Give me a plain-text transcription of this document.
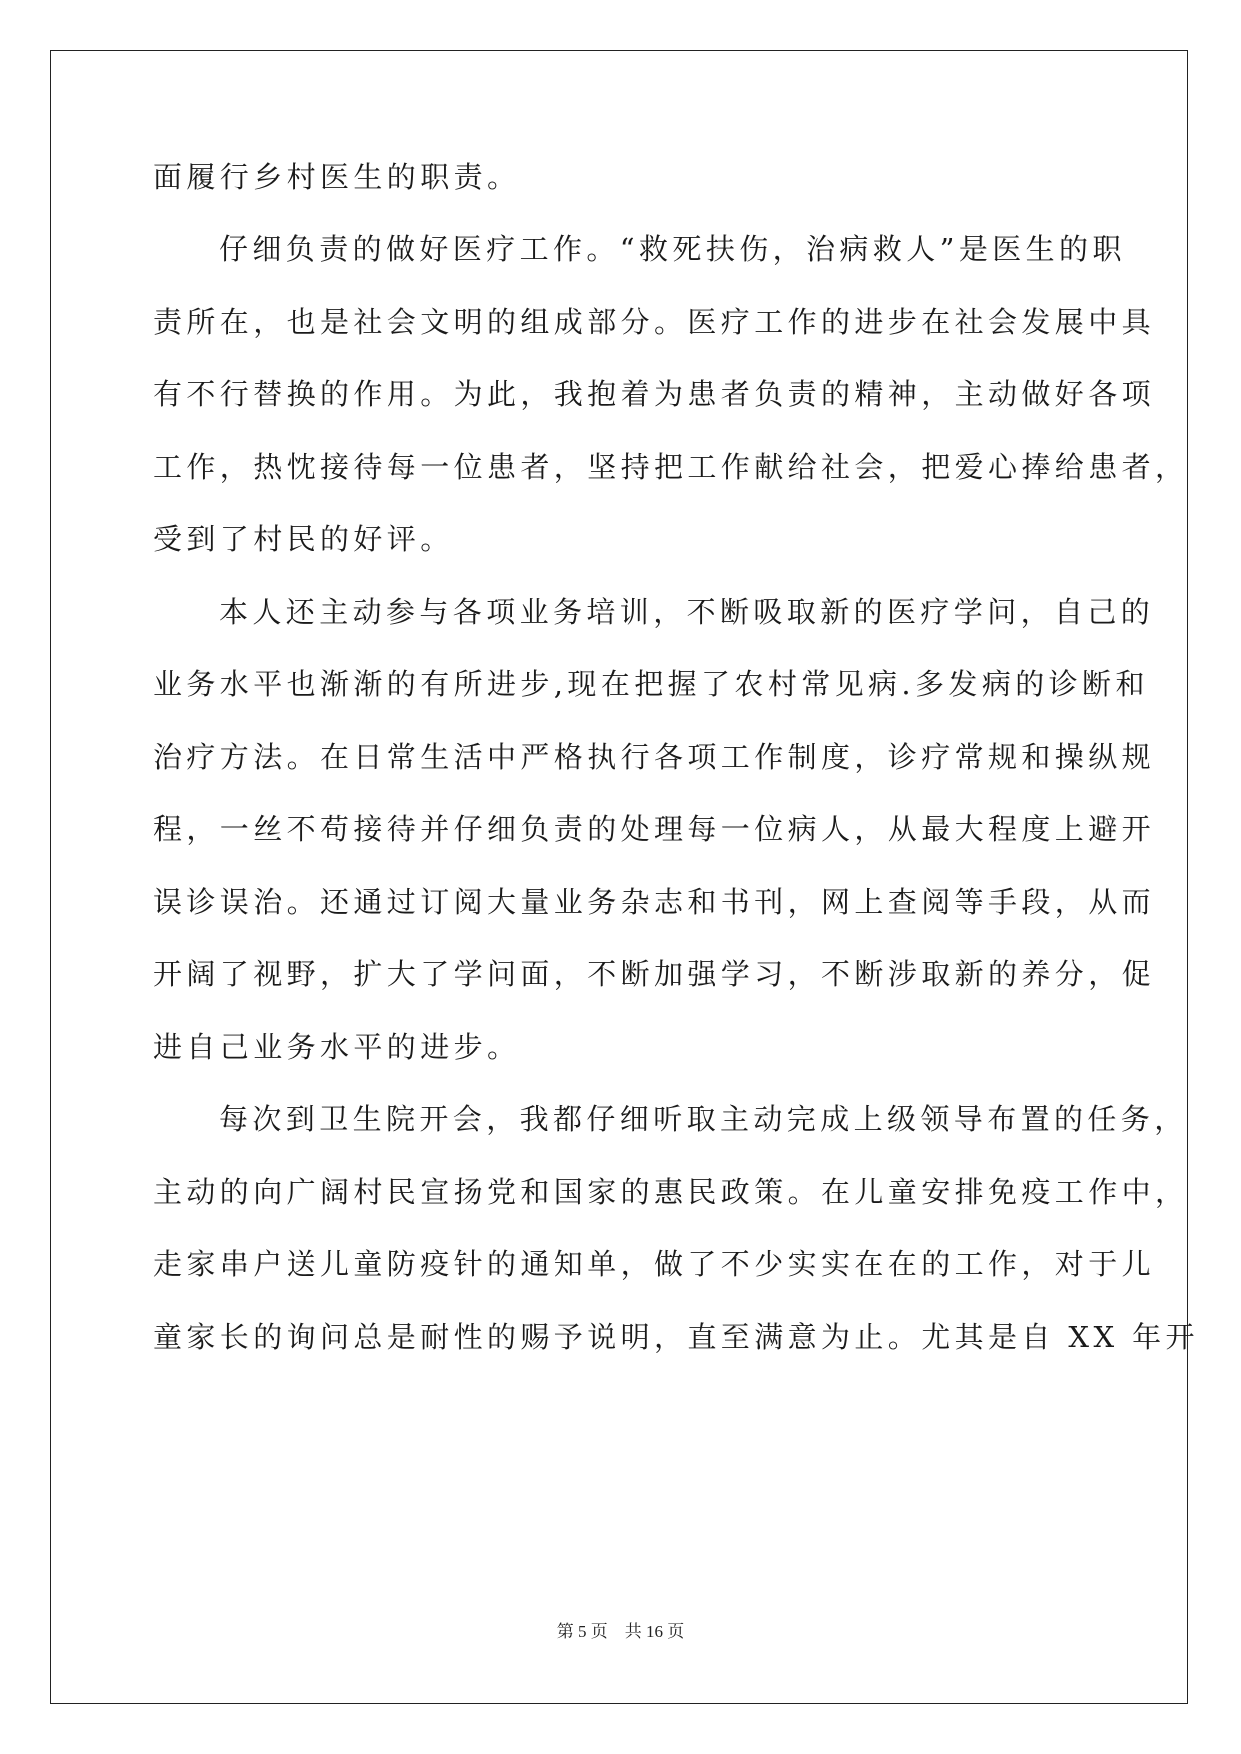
面履行乡村医生的职责。
仔细负责的做好医疗工作。“救死扶伤，治病救人”是医生的职
责所在，也是社会文明的组成部分。医疗工作的进步在社会发展中具
有不行替换的作用。为此，我抱着为患者负责的精神，主动做好各项
工作，热忱接待每一位患者，坚持把工作献给社会，把爱心捧给患者，
受到了村民的好评。
本人还主动参与各项业务培训，不断吸取新的医疗学问，自己的
业务水平也渐渐的有所进步,现在把握了农村常见病.多发病的诊断和
治疗方法。在日常生活中严格执行各项工作制度，诊疗常规和操纵规
程，一丝不苟接待并仔细负责的处理每一位病人，从最大程度上避开
误诊误治。还通过订阅大量业务杂志和书刊，网上查阅等手段，从而
开阔了视野，扩大了学问面，不断加强学习，不断涉取新的养分，促
进自己业务水平的进步。
每次到卫生院开会，我都仔细听取主动完成上级领导布置的任务，
主动的向广阔村民宣扬党和国家的惠民政策。在儿童安排免疫工作中，
走家串户送儿童防疫针的通知单，做了不少实实在在的工作，对于儿
童家长的询问总是耐性的赐予说明，直至满意为止。尤其是自 XX 年开
第 5 页 共 16 页
